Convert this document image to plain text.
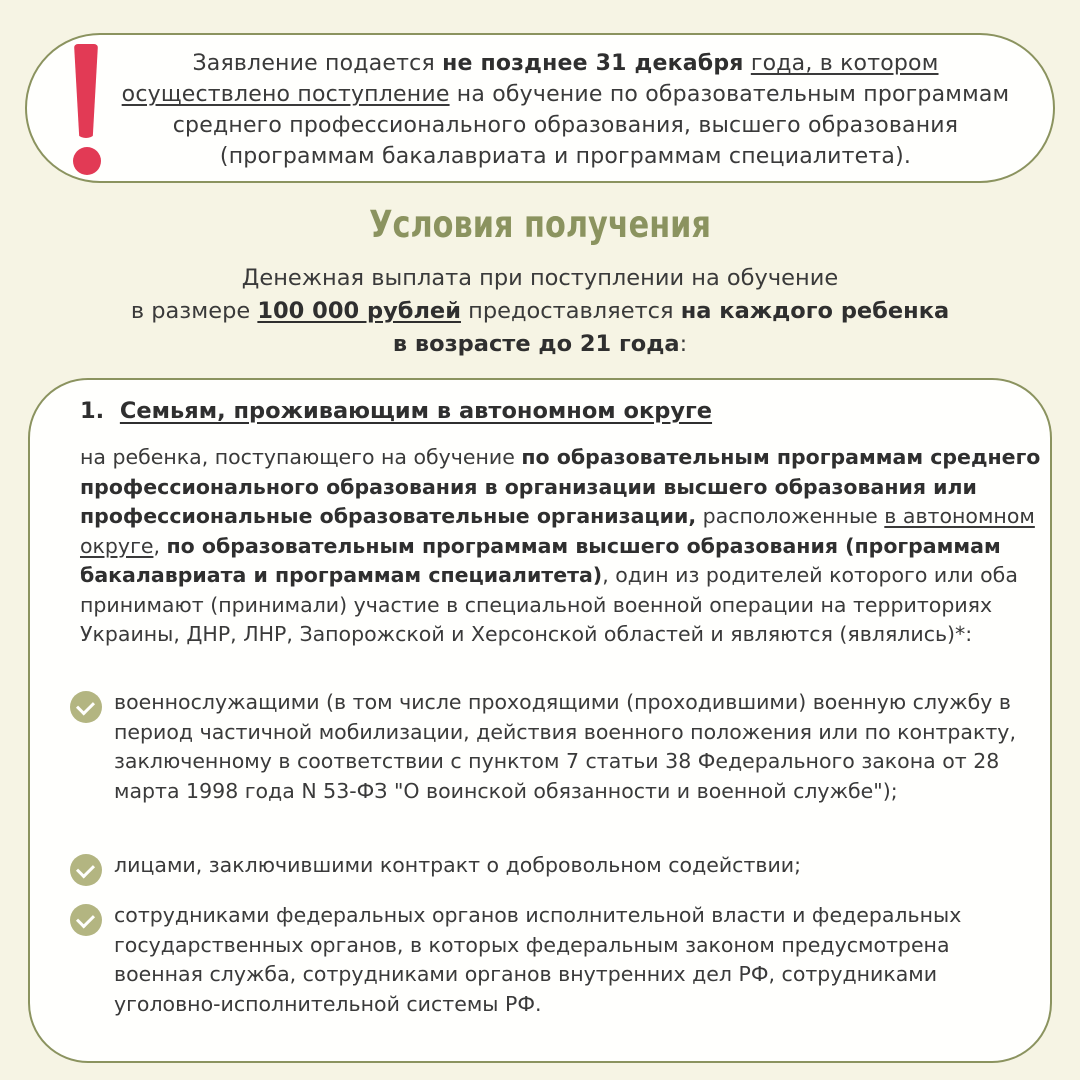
Заявление подается не позднее 31 декабря года, в котором осуществлено поступление на обучение по образовательным программам среднего профессионального образования, высшего образования (программам бакалавриата и программам специалитета).

Условия получения

Денежная выплата при поступлении на обучение
в размере 100 000 рублей предоставляется на каждого ребенка
в возрасте до 21 года:

1. Семьям, проживающим в автономном округе

на ребенка, поступающего на обучение по образовательным программам среднего профессионального образования в организации высшего образования или профессиональные образовательные организации, расположенные в автономном округе, по образовательным программам высшего образования (программам бакалавриата и программам специалитета), один из родителей которого или оба принимают (принимали) участие в специальной военной операции на территориях Украины, ДНР, ЛНР, Запорожской и Херсонской областей и являются (являлись)*:

военнослужащими (в том числе проходящими (проходившими) военную службу в период частичной мобилизации, действия военного положения или по контракту, заключенному в соответствии с пунктом 7 статьи 38 Федерального закона от 28 марта 1998 года N 53-ФЗ "О воинской обязанности и военной службе");
лицами, заключившими контракт о добровольном содействии;
сотрудниками федеральных органов исполнительной власти и федеральных государственных органов, в которых федеральным законом предусмотрена военная служба, сотрудниками органов внутренних дел РФ, сотрудниками уголовно-исполнительной системы РФ.
